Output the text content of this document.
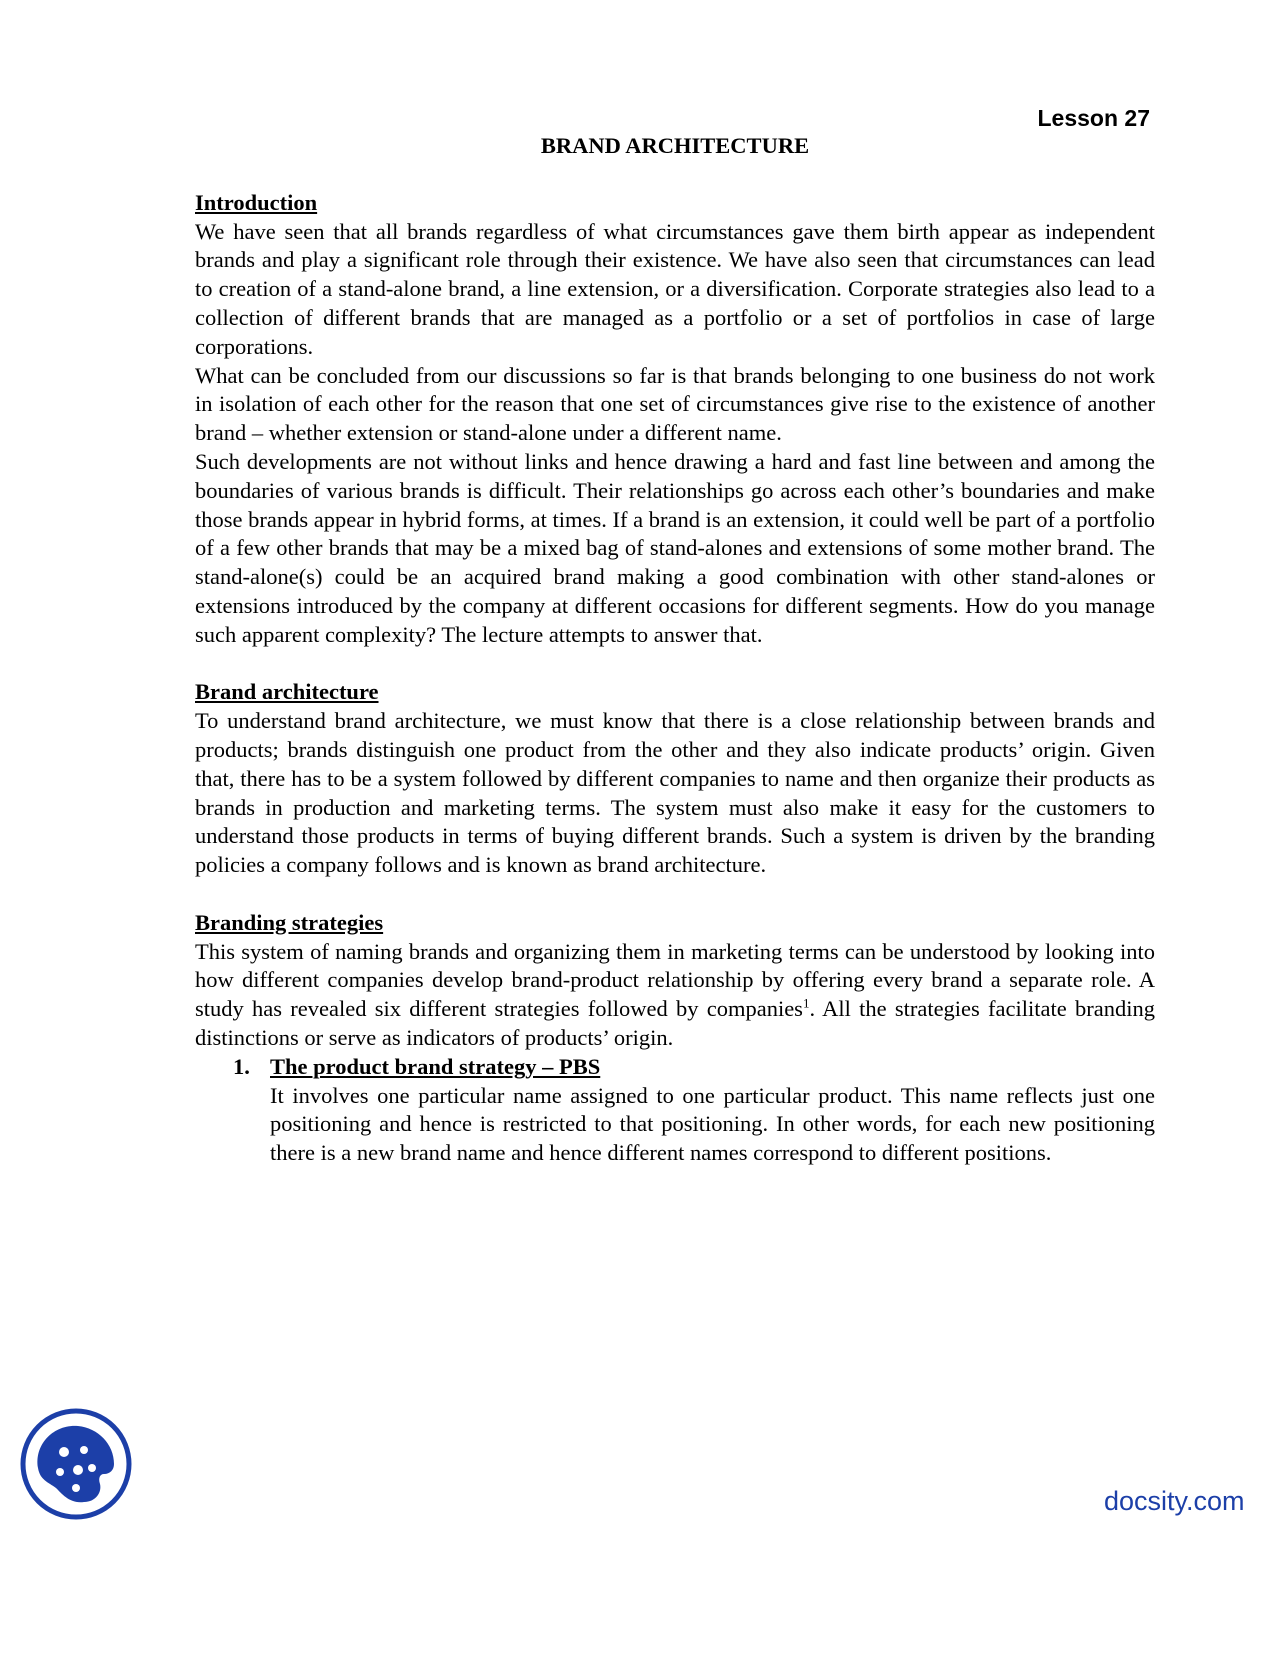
Lesson 27
BRAND ARCHITECTURE
Introduction

We have seen that all brands regardless of what circumstances gave them birth appear as independent brands and play a significant role through their existence. We have also seen that circumstances can lead to creation of a stand-alone brand, a line extension, or a diversification. Corporate strategies also lead to a collection of different brands that are managed as a portfolio or a set of portfolios in case of large corporations.

What can be concluded from our discussions so far is that brands belonging to one business do not work in isolation of each other for the reason that one set of circumstances give rise to the existence of another brand – whether extension or stand-alone under a different name.

Such developments are not without links and hence drawing a hard and fast line between and among the boundaries of various brands is difficult. Their relationships go across each other’s boundaries and make those brands appear in hybrid forms, at times. If a brand is an extension, it could well be part of a portfolio of a few other brands that may be a mixed bag of stand-alones and extensions of some mother brand. The stand-alone(s) could be an acquired brand making a good combination with other stand-alones or extensions introduced by the company at different occasions for different segments. How do you manage such apparent complexity? The lecture attempts to answer that.

Brand architecture

To understand brand architecture, we must know that there is a close relationship between brands and products; brands distinguish one product from the other and they also indicate products’ origin. Given that, there has to be a system followed by different companies to name and then organize their products as brands in production and marketing terms. The system must also make it easy for the customers to understand those products in terms of buying different brands. Such a system is driven by the branding policies a company follows and is known as brand architecture.

Branding strategies

This system of naming brands and organizing them in marketing terms can be understood by looking into how different companies develop brand-product relationship by offering every brand a separate role. A study has revealed six different strategies followed by companies$^1$. All the strategies facilitate branding distinctions or serve as indicators of products’ origin.

1. The product brand strategy – PBS

It involves one particular name assigned to one particular product. This name reflects just one positioning and hence is restricted to that positioning. In other words, for each new positioning there is a new brand name and hence different names correspond to different positions.

docsity.com
